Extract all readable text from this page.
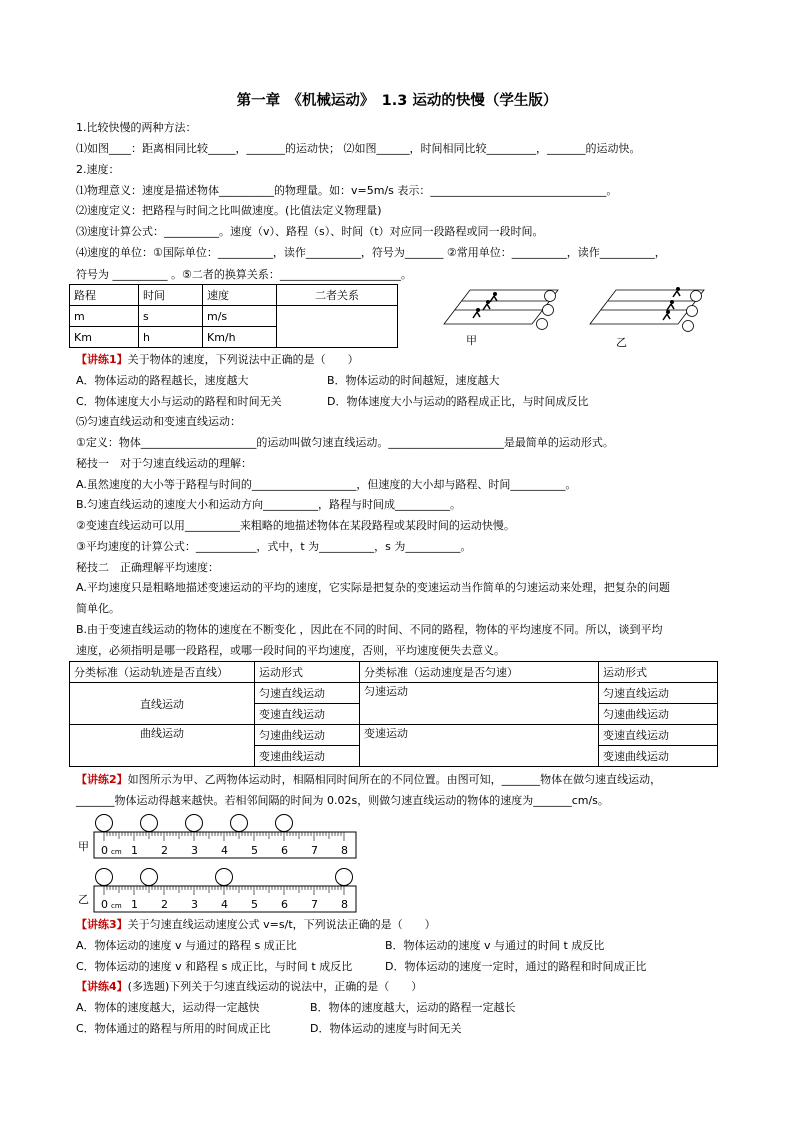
第一章　《机械运动》　1.3 运动的快慢（学生版）
1.比较快慢的两种方法：
⑴如图____：距离相同比较_____，_______的运动快； ⑵如图______，时间相同比较_________，_______的运动快。
2.速度：
⑴物理意义：速度是描述物体__________的物理量。如：v=5m/s 表示：________________________________。
⑵速度定义：把路程与时间之比叫做速度。(比值法定义物理量)
⑶速度计算公式：__________。速度（v）、路程（s）、时间（t）对应同一段路程或同一段时间。
⑷速度的单位：①国际单位：__________，读作__________，符号为_______ ②常用单位：__________，读作__________，
符号为 __________ 。⑤二者的换算关系：______________________。
路程	时间	速度	二者关系
m	s	m/s	
Km	h	Km/h		甲	乙
【讲练1】关于物体的速度，下列说法中正确的是（　　）
A．物体运动的路程越长，速度越大	B．物体运动的时间越短，速度越大
C．物体速度大小与运动的路程和时间无关	D．物体速度大小与运动的路程成正比，与时间成反比
⑸匀速直线运动和变速直线运动：
①定义：物体_____________________的运动叫做匀速直线运动。_____________________是最简单的运动形式。
秘技一　对于匀速直线运动的理解：
A.虽然速度的大小等于路程与时间的___________________，但速度的大小却与路程、时间__________。
B.匀速直线运动的速度大小和运动方向__________，路程与时间成__________。
②变速直线运动可以用__________来粗略的地描述物体在某段路程或某段时间的运动快慢。
③平均速度的计算公式：___________，式中，t 为__________，s 为__________。
秘技二　正确理解平均速度：
A.平均速度只是粗略地描述变速运动的平均的速度，它实际是把复杂的变速运动当作简单的匀速运动来处理，把复杂的问题
简单化。
B.由于变速直线运动的物体的速度在不断变化 ，因此在不同的时间、不同的路程，物体的平均速度不同。所以，谈到平均
速度，必须指明是哪一段路程，或哪一段时间的平均速度，否则，平均速度便失去意义。
分类标准（运动轨迹是否直线）	运动形式	分类标准（运动速度是否匀速）	运动形式
直线运动	匀速直线运动	匀速运动	匀速直线运动
	变速直线运动		匀速曲线运动
曲线运动	匀速曲线运动	变速运动	变速直线运动
	变速曲线运动		变速曲线运动
【讲练2】如图所示为甲、乙两物体运动时，相隔相同时间所在的不同位置。由图可知，_______物体在做匀速直线运动，
_______物体运动得越来越快。若相邻间隔的时间为 0.02s，则做匀速直线运动的物体的速度为_______cm/s。
甲 0 1 2 3 4 5 6 7 8
cm
乙 0 1 2 3 4 5 6 7 8
cm
【讲练3】关于匀速直线运动速度公式 v=s/t，下列说法正确的是（　　）
A．物体运动的速度 v 与通过的路程 s 成正比	B．物体运动的速度 v 与通过的时间 t 成反比
C．物体运动的速度 v 和路程 s 成正比，与时间 t 成反比	D．物体运动的速度一定时，通过的路程和时间成正比
【讲练4】(多选题)下列关于匀速直线运动的说法中，正确的是（　　）
A．物体的速度越大，运动得一定越快	B．物体的速度越大，运动的路程一定越长
C．物体通过的路程与所用的时间成正比	D．物体运动的速度与时间无关
